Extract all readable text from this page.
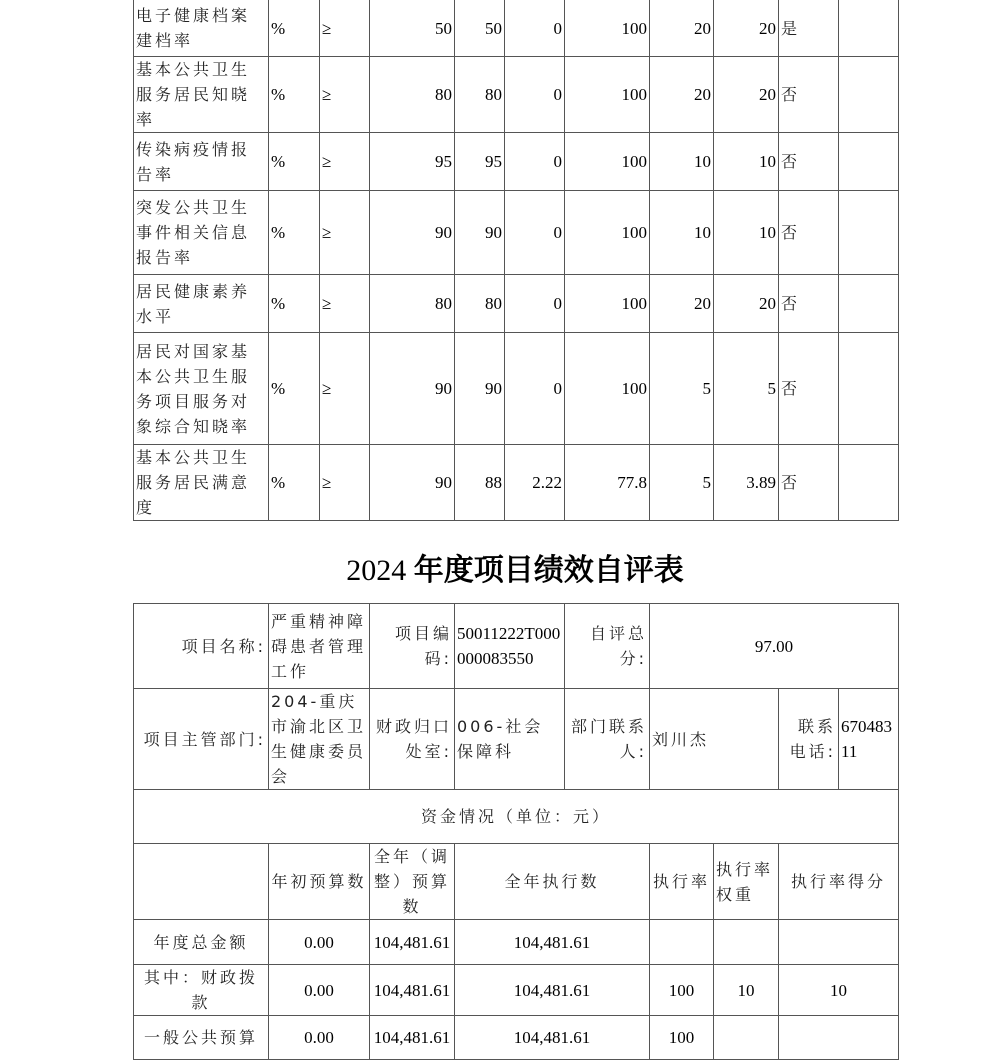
电子健康档案建档率	%	≥	50	50	0	100	20	20	是	
基本公共卫生服务居民知晓率	%	≥	80	80	0	100	20	20	否	
传染病疫情报告率	%	≥	95	95	0	100	10	10	否	
突发公共卫生事件相关信息报告率	%	≥	90	90	0	100	10	10	否	
居民健康素养水平	%	≥	80	80	0	100	20	20	否	
居民对国家基本公共卫生服务项目服务对象综合知晓率	%	≥	90	90	0	100	5	5	否	
基本公共卫生服务居民满意度	%	≥	90	88	2.22	77.8	5	3.89	否	
2024 年度项目绩效自评表
项目名称:	严重精神障碍患者管理工作	项目编码:	50011222T000000083550	自评总分:	97.00			
项目主管部门:	204-重庆市渝北区卫生健康委员会	财政归口处室:	006-社会保障科	部门联系人:	刘川杰		联系电话:	67048311
资金情况（单位：元）								
	年初预算数	全年（调整）预算数	全年执行数		执行率	执行率权重	执行率得分	
年度总金额	0.00	104,481.61	104,481.61					
其中：财政拨款	0.00	104,481.61	104,481.61		100	10	10	
一般公共预算	0.00	104,481.61	104,481.61		100			
